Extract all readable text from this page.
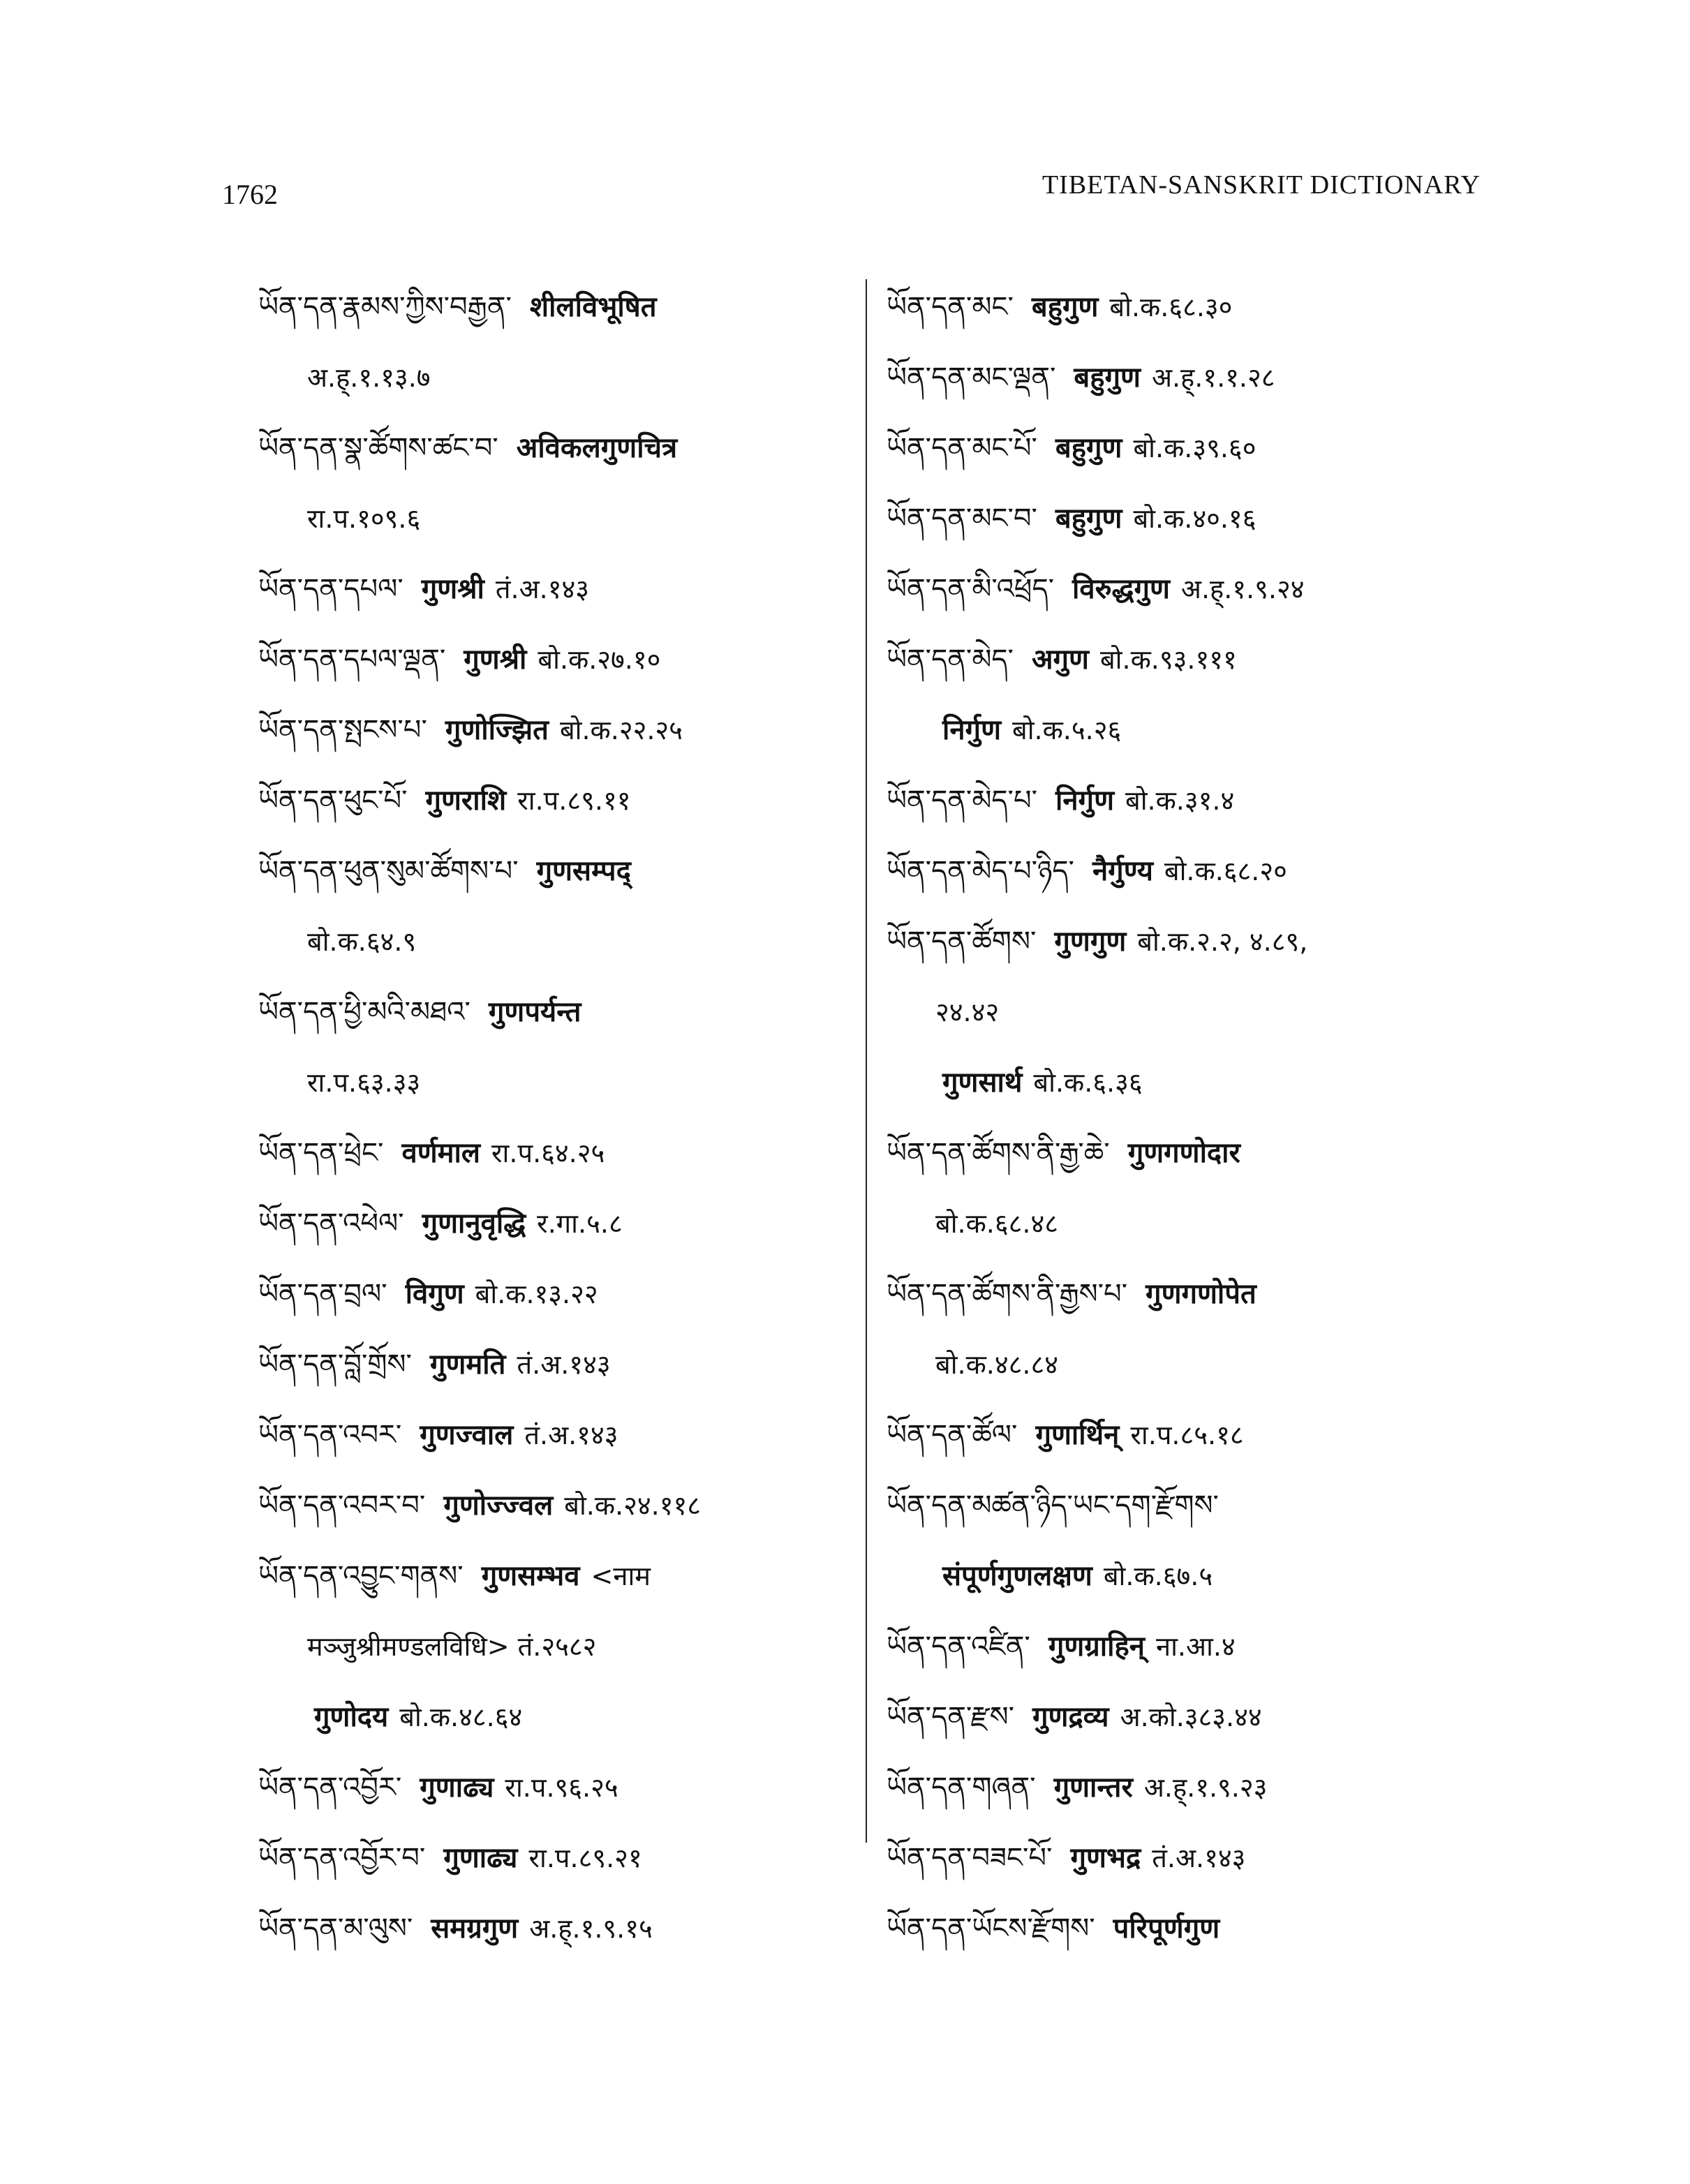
1762	TIBETAN-SANSKRIT DICTIONARY
ཡོན་དན་རྣམས་ཀྱིས་བརྒྱན་ शीलविभूषित
अ.ह्.१.१३.७
ཡོན་དན་སྣ་ཚོགས་ཚང་བ་ अविकलगुणचित्र
रा.प.१०९.६
ཡོན་དན་དཔལ་ गुणश्री तं.अ.१४३
ཡོན་དན་དཔལ་ལྡན་ गुणश्री बो.क.२७.१०
ཡོན་དན་སྤངས་པ་ गुणोज्झित बो.क.२२.२५
ཡོན་དན་ཕུང་པོ་ गुणराशि रा.प.८९.११
ཡོན་དན་ཕུན་སུམ་ཚོགས་པ་ गुणसम्पद्
बो.क.६४.९
ཡོན་དན་ཕྱི་མའི་མཐའ་ गुणपर्यन्त
रा.प.६३.३३
ཡོན་དན་ཕྲེང་ वर्णमाल रा.प.६४.२५
ཡོན་དན་འཕེལ་ गुणानुवृद्धि र.गा.५.८
ཡོན་དན་བྲལ་ विगुण बो.क.१३.२२
ཡོན་དན་བློ་གྲོས་ गुणमति तं.अ.१४३
ཡོན་དན་འབར་ गुणज्वाल तं.अ.१४३
ཡོན་དན་འབར་བ་ गुणोज्ज्वल बो.क.२४.११८
ཡོན་དན་འབྱུང་གནས་ गुणसम्भव <नाम
मञ्जुश्रीमण्डलविधि> तं.२५८२
गुणोदय बो.क.४८.६४
ཡོན་དན་འབྱོར་ गुणाढ्य रा.प.९६.२५
ཡོན་དན་འབྱོར་བ་ गुणाढ्य रा.प.८९.२१
ཡོན་དན་མ་ལུས་ समग्रगुण अ.ह्.१.९.१५
ཡོན་དན་མང་ बहुगुण बो.क.६८.३०
ཡོན་དན་མང་ལྡན་ बहुगुण अ.ह्.१.१.२८
ཡོན་དན་མང་པོ་ बहुगुण बो.क.३९.६०
ཡོན་དན་མང་བ་ बहुगुण बो.क.४०.१६
ཡོན་དན་མི་འཕྲོད་ विरुद्धगुण अ.ह्.१.९.२४
ཡོན་དན་མེད་ अगुण बो.क.९३.१११
निर्गुण बो.क.५.२६
ཡོན་དན་མེད་པ་ निर्गुण बो.क.३१.४
ཡོན་དན་མེད་པ་ཉིད་ नैर्गुण्य बो.क.६८.२०
ཡོན་དན་ཚོགས་ गुणगुण बो.क.२.२, ४.८९,
२४.४२
गुणसार्थ बो.क.६.३६
ཡོན་དན་ཚོགས་ནི་རྒྱ་ཆེ་ गुणगणोदार
बो.क.६८.४८
ཡོན་དན་ཚོགས་ནི་རྒྱས་པ་ गुणगणोपेत
बो.क.४८.८४
ཡོན་དན་ཚོལ་ गुणार्थिन् रा.प.८५.१८
ཡོན་དན་མཚན་ཉིད་ཡང་དག་རྫོགས་
संपूर्णगुणलक्षण बो.क.६७.५
ཡོན་དན་འཛིན་ गुणग्राहिन् ना.आ.४
ཡོན་དན་རྫས་ गुणद्रव्य अ.को.३८३.४४
ཡོན་དན་གཞན་ गुणान्तर अ.ह्.१.९.२३
ཡོན་དན་བཟང་པོ་ गुणभद्र तं.अ.१४३
ཡོན་དན་ཡོངས་རྫོགས་ परिपूर्णगुण
